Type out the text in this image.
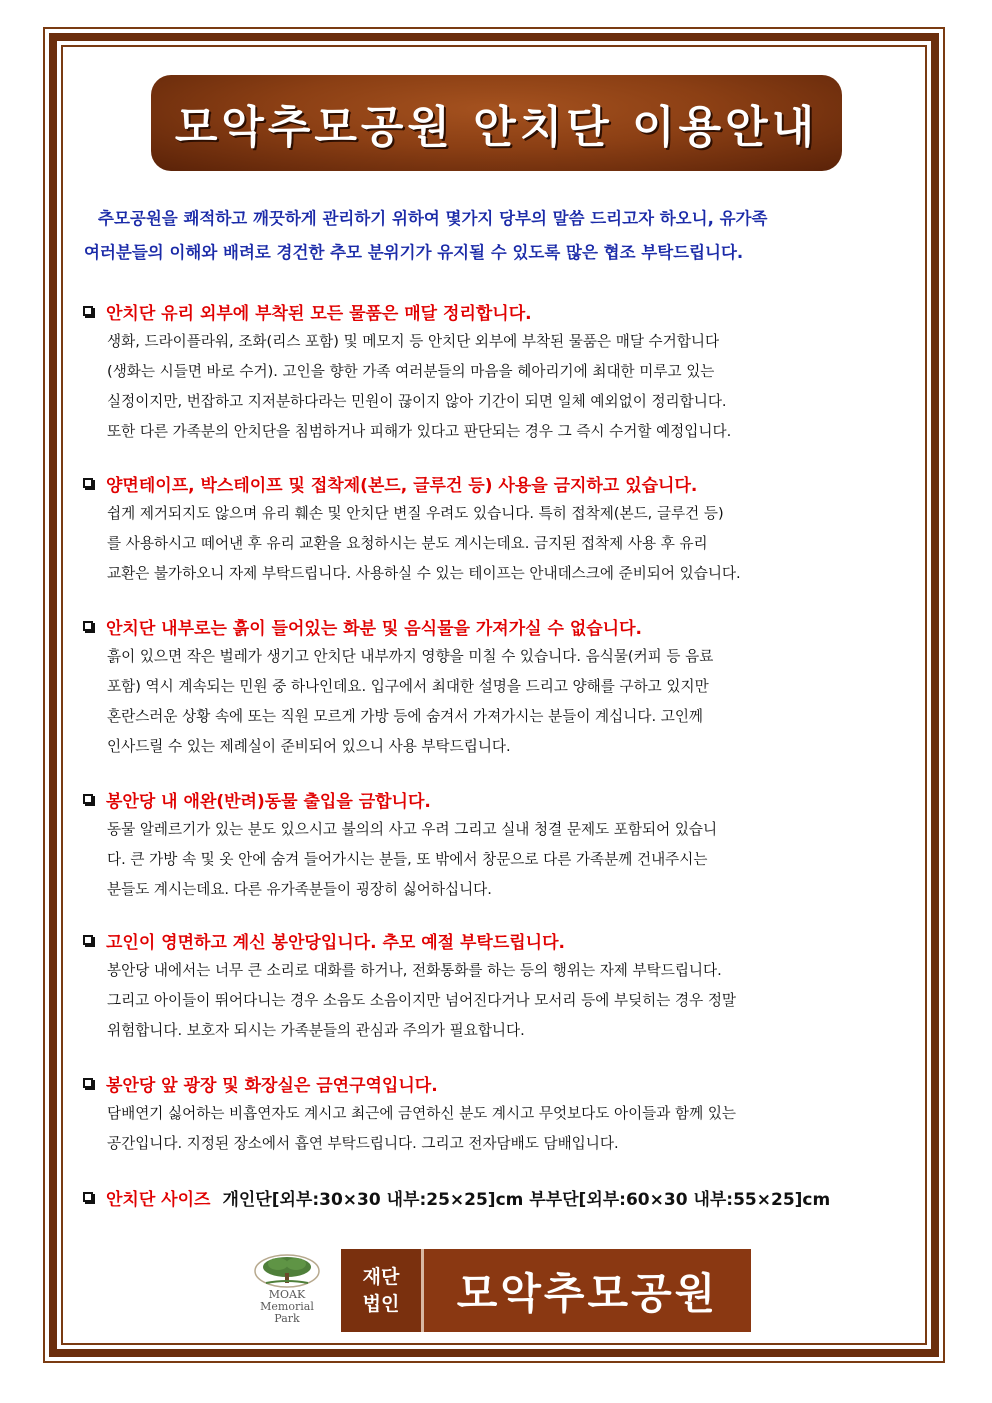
모악추모공원 안치단 이용안내
추모공원을 쾌적하고 깨끗하게 관리하기 위하여 몇가지 당부의 말씀 드리고자 하오니, 유가족
여러분들의 이해와 배려로 경건한 추모 분위기가 유지될 수 있도록 많은 협조 부탁드립니다.
안치단 유리 외부에 부착된 모든 물품은 매달 정리합니다.
생화, 드라이플라워, 조화(리스 포함) 및 메모지 등 안치단 외부에 부착된 물품은 매달 수거합니다
(생화는 시들면 바로 수거). 고인을 향한 가족 여러분들의 마음을 헤아리기에 최대한 미루고 있는
실정이지만, 번잡하고 지저분하다라는 민원이 끊이지 않아 기간이 되면 일체 예외없이 정리합니다.
또한 다른 가족분의 안치단을 침범하거나 피해가 있다고 판단되는 경우 그 즉시 수거할 예정입니다.
양면테이프, 박스테이프 및 접착제(본드, 글루건 등) 사용을 금지하고 있습니다.
쉽게 제거되지도 않으며 유리 훼손 및 안치단 변질 우려도 있습니다. 특히 접착제(본드, 글루건 등)
를 사용하시고 떼어낸 후 유리 교환을 요청하시는 분도 계시는데요. 금지된 접착제 사용 후 유리
교환은 불가하오니 자제 부탁드립니다. 사용하실 수 있는 테이프는 안내데스크에 준비되어 있습니다.
안치단 내부로는 흙이 들어있는 화분 및 음식물을 가져가실 수 없습니다.
흙이 있으면 작은 벌레가 생기고 안치단 내부까지 영향을 미칠 수 있습니다. 음식물(커피 등 음료
포함) 역시 계속되는 민원 중 하나인데요. 입구에서 최대한 설명을 드리고 양해를 구하고 있지만
혼란스러운 상황 속에 또는 직원 모르게 가방 등에 숨겨서 가져가시는 분들이 계십니다. 고인께
인사드릴 수 있는 제례실이 준비되어 있으니 사용 부탁드립니다.
봉안당 내 애완(반려)동물 출입을 금합니다.
동물 알레르기가 있는 분도 있으시고 불의의 사고 우려 그리고 실내 청결 문제도 포함되어 있습니
다. 큰 가방 속 및 옷 안에 숨겨 들어가시는 분들, 또 밖에서 창문으로 다른 가족분께 건내주시는
분들도 계시는데요. 다른 유가족분들이 굉장히 싫어하십니다.
고인이 영면하고 계신 봉안당입니다. 추모 예절 부탁드립니다.
봉안당 내에서는 너무 큰 소리로 대화를 하거나, 전화통화를 하는 등의 행위는 자제 부탁드립니다.
그리고 아이들이 뛰어다니는 경우 소음도 소음이지만 넘어진다거나 모서리 등에 부딪히는 경우 정말
위험합니다. 보호자 되시는 가족분들의 관심과 주의가 필요합니다.
봉안당 앞 광장 및 화장실은 금연구역입니다.
담배연기 싫어하는 비흡연자도 계시고 최근에 금연하신 분도 계시고 무엇보다도 아이들과 함께 있는
공간입니다. 지정된 장소에서 흡연 부탁드립니다. 그리고 전자담배도 담배입니다.
안치단 사이즈 개인단[외부:30×30 내부:25×25]cm 부부단[외부:60×30 내부:55×25]cm
MOAK
Memorial
Park
재단
법인	모악추모공원
